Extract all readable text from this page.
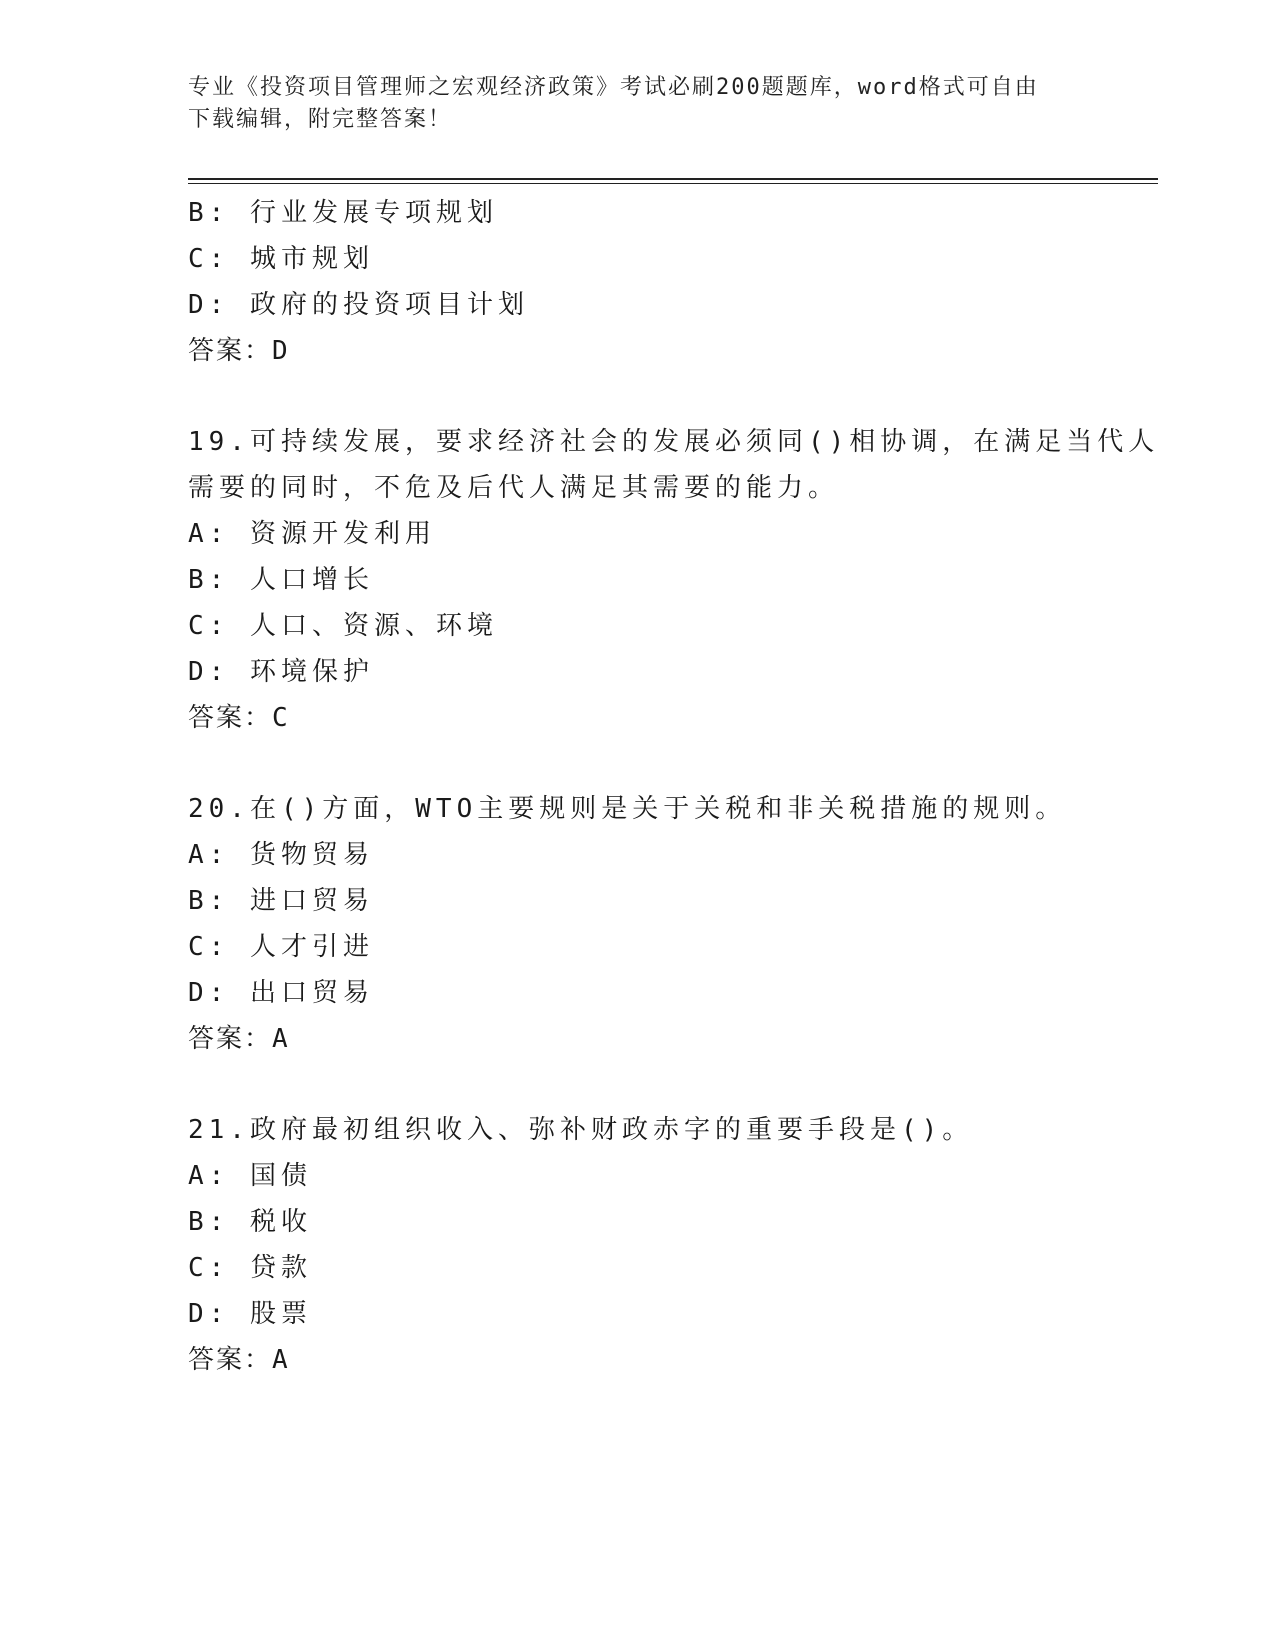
专业《投资项目管理师之宏观经济政策》考试必刷200题题库，word格式可自由
下载编辑，附完整答案！
B: 行业发展专项规划
C: 城市规划
D: 政府的投资项目计划
答案：D
19.可持续发展，要求经济社会的发展必须同()相协调，在满足当代人
需要的同时，不危及后代人满足其需要的能力。
A: 资源开发利用
B: 人口增长
C: 人口、资源、环境
D: 环境保护
答案：C
20.在()方面，WTO主要规则是关于关税和非关税措施的规则。
A: 货物贸易
B: 进口贸易
C: 人才引进
D: 出口贸易
答案：A
21.政府最初组织收入、弥补财政赤字的重要手段是()。
A: 国债
B: 税收
C: 贷款
D: 股票
答案：A
